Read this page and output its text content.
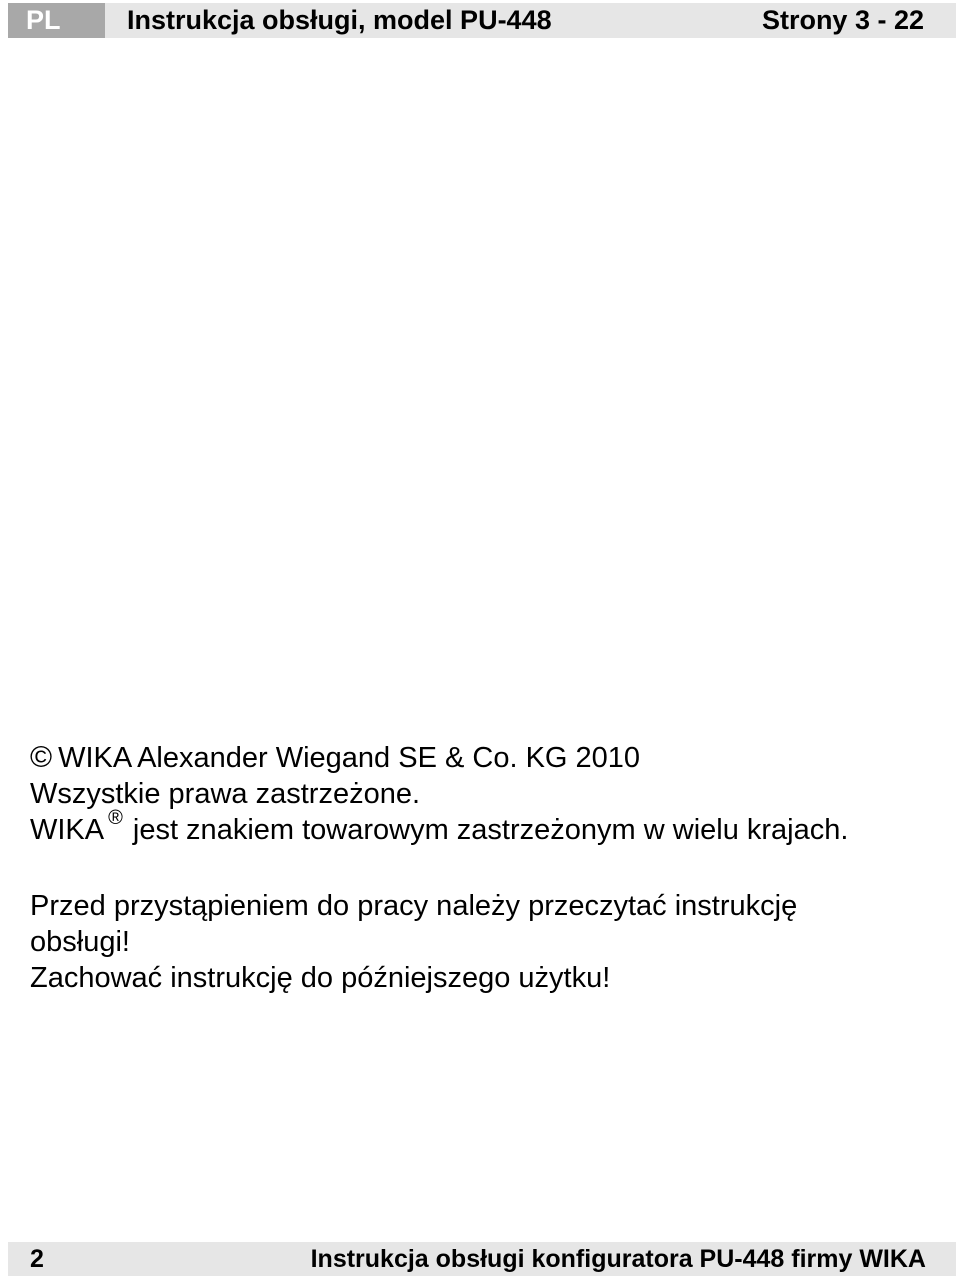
PL	Instrukcja obsługi, model PU-448	Strony 3 - 22
© WIKA Alexander Wiegand SE & Co. KG 2010
Wszystkie prawa zastrzeżone.
WIKA ® jest znakiem towarowym zastrzeżonym w wielu krajach.
Przed przystąpieniem do pracy należy przeczytać instrukcję
obsługi!
Zachować instrukcję do późniejszego użytku!
2	Instrukcja obsługi konfiguratora PU-448 firmy WIKA
